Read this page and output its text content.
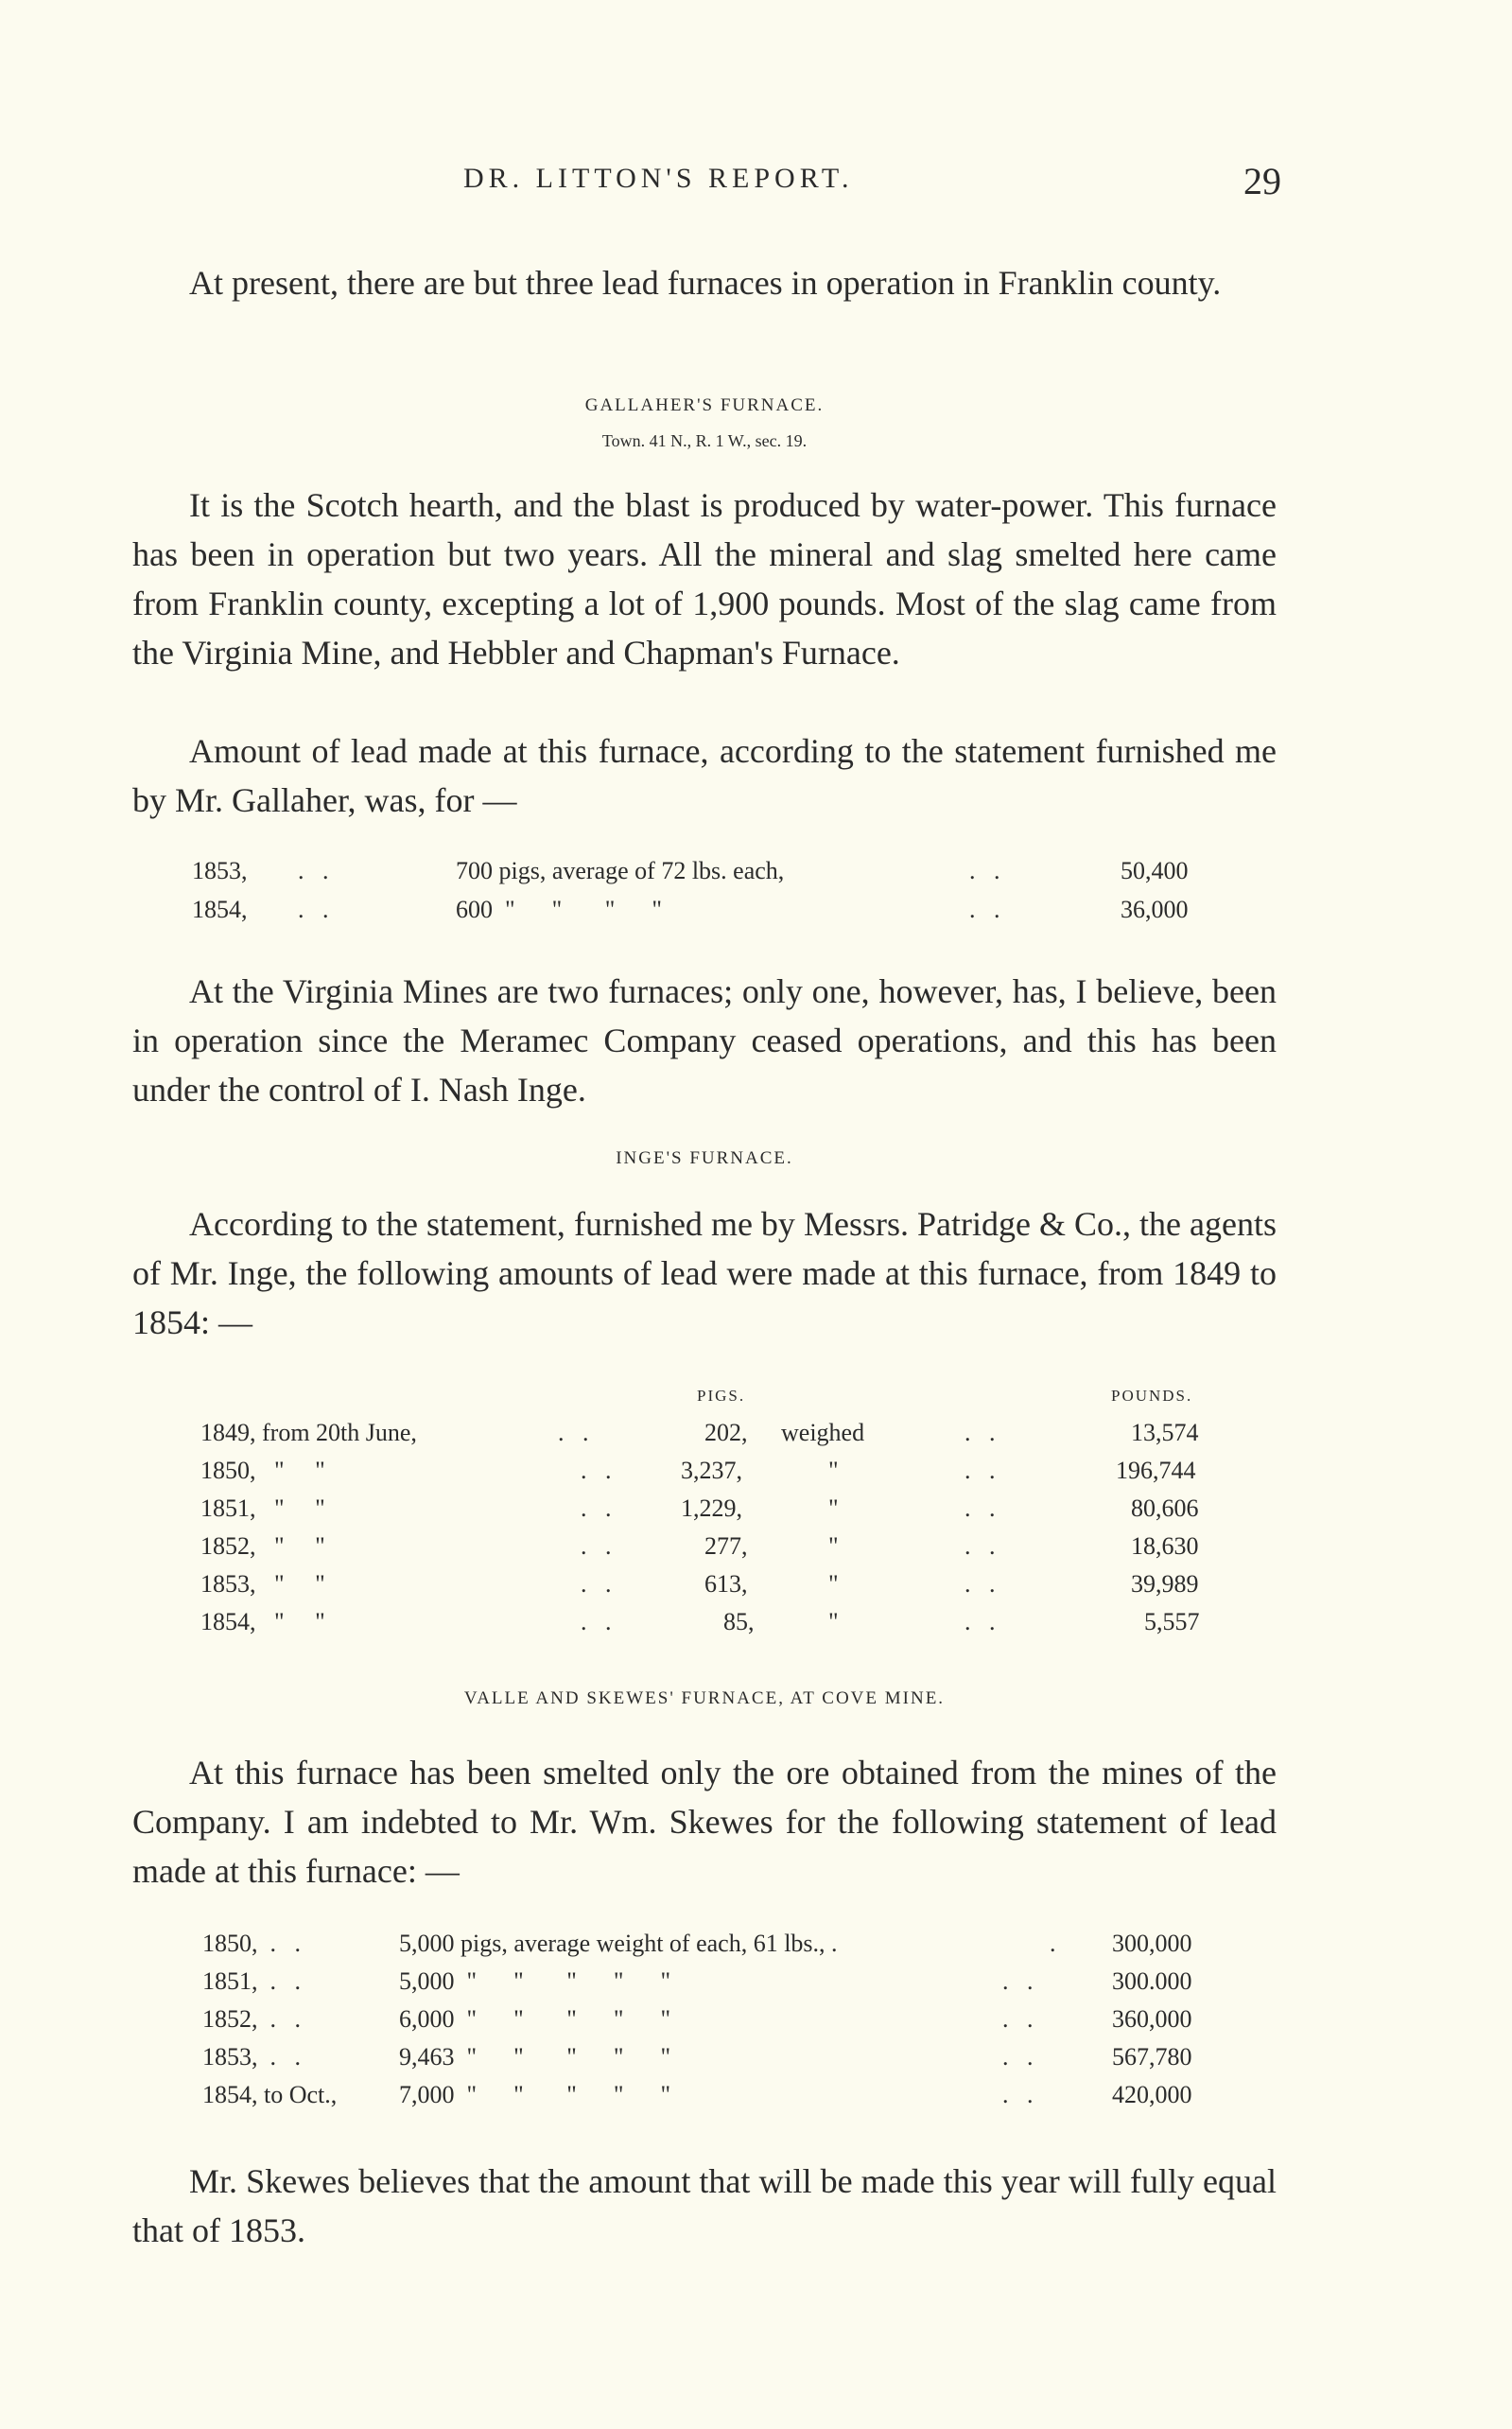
DR. LITTON'S REPORT.	29

At present, there are but three lead furnaces in operation in Franklin county.

GALLAHER'S FURNACE.
Town. 41 N., R. 1 W., sec. 19.

It is the Scotch hearth, and the blast is produced by water-power. This furnace has been in operation but two years. All the mineral and slag smelted here came from Franklin county, excepting a lot of 1,900 pounds. Most of the slag came from the Virginia Mine, and Hebbler and Chapman's Furnace.

Amount of lead made at this furnace, according to the statement furnished me by Mr. Gallaher, was, for —

1853, .   .	700 pigs, average of 72 lbs. each,	.   .	50,400
1854, .   .	600  "      "       "      "	.   .	36,000

At the Virginia Mines are two furnaces; only one, however, has, I believe, been in operation since the Meramec Company ceased operations, and this has been under the control of I. Nash Inge.

INGE'S FURNACE.

According to the statement, furnished me by Messrs. Patridge & Co., the agents of Mr. Inge, the following amounts of lead were made at this furnace, from 1849 to 1854: —

PIGS.	POUNDS.
1849, from 20th June,	.   .	202, weighed	.   .	13,574
1850,   "     "	.   .	3,237,	"	.   .	196,744
1851,   "     "	.   .	1,229,	"	.   .	80,606
1852,   "     "	.   .	277,	"	.   .	18,630
1853,   "     "	.   .	613,	"	.   .	39,989
1854,   "     "	.   .	85,	"	.   .	5,557
VALLE AND SKEWES' FURNACE, AT COVE MINE.

At this furnace has been smelted only the ore obtained from the mines of the Company. I am indebted to Mr. Wm. Skewes for the following statement of lead made at this furnace: —

1850,  .   .	5,000 pigs, average weight of each, 61 lbs., .	. 300,000
1851,  .   .	5,000  "      "       "      "      "	.   .	300.000
1852,  .   .	6,000  "      "       "      "      "	.   .	360,000
1853,  .   .	9,463  "      "       "      "      "	.   .	567,780
1854, to Oct.,	7,000  "      "       "      "      "	.   .	420,000

Mr. Skewes believes that the amount that will be made this year will fully equal that of 1853.
